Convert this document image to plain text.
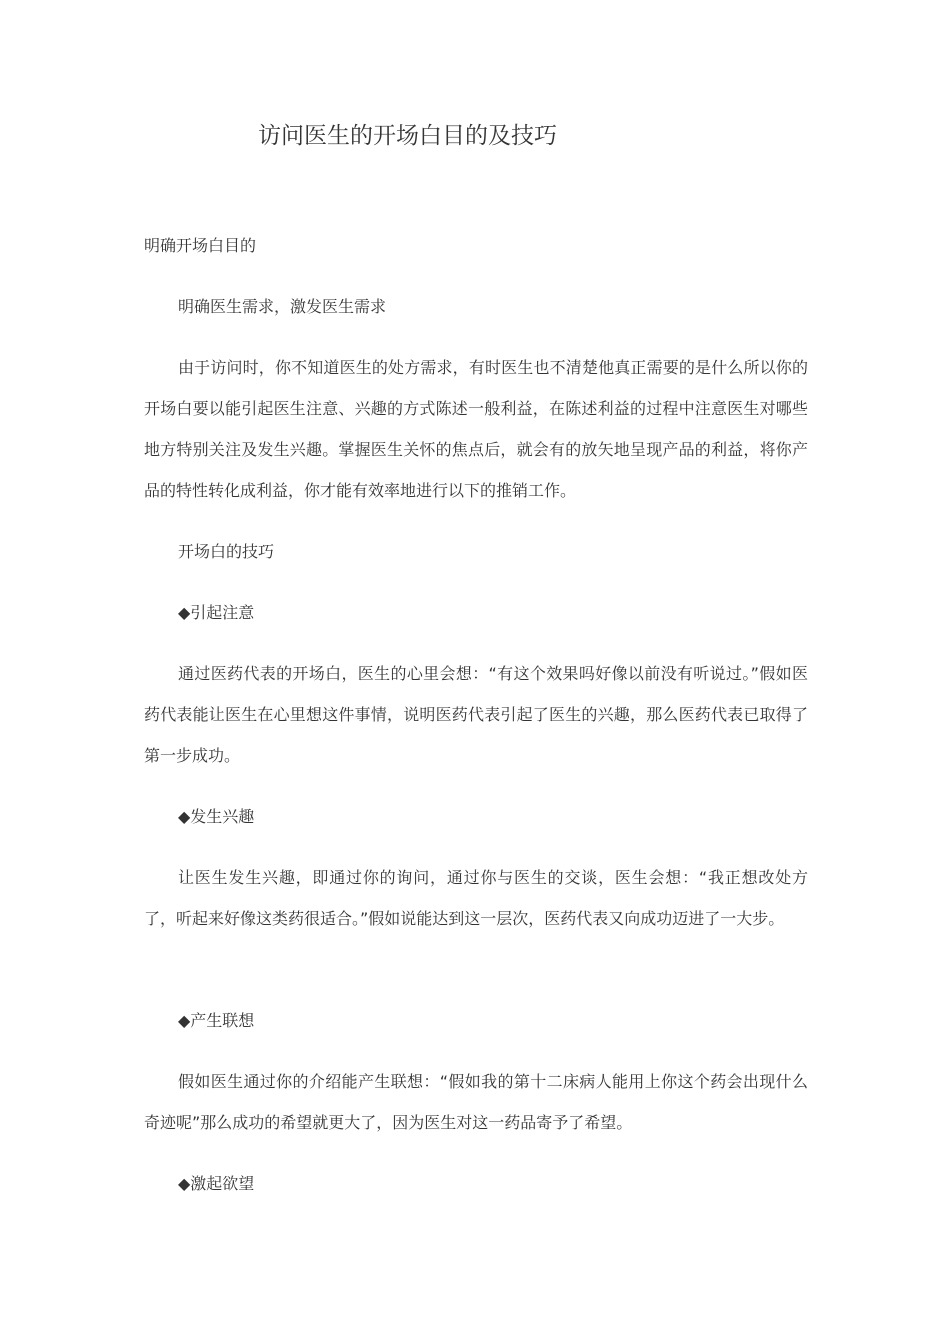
访问医生的开场白目的及技巧
明确开场白目的
明确医生需求，激发医生需求
由于访问时，你不知道医生的处方需求，有时医生也不清楚他真正需要的是什么所以你的开场白要以能引起医生注意、兴趣的方式陈述一般利益，在陈述利益的过程中注意医生对哪些地方特别关注及发生兴趣。掌握医生关怀的焦点后，就会有的放矢地呈现产品的利益，将你产品的特性转化成利益，你才能有效率地进行以下的推销工作。
开场白的技巧
◆引起注意
通过医药代表的开场白，医生的心里会想：“有这个效果吗好像以前没有听说过。”假如医药代表能让医生在心里想这件事情，说明医药代表引起了医生的兴趣，那么医药代表已取得了第一步成功。
◆发生兴趣
让医生发生兴趣，即通过你的询问，通过你与医生的交谈，医生会想：“我正想改处方了，听起来好像这类药很适合。”假如说能达到这一层次，医药代表又向成功迈进了一大步。
◆产生联想
假如医生通过你的介绍能产生联想：“假如我的第十二床病人能用上你这个药会出现什么奇迹呢”那么成功的希望就更大了，因为医生对这一药品寄予了希望。
◆激起欲望
